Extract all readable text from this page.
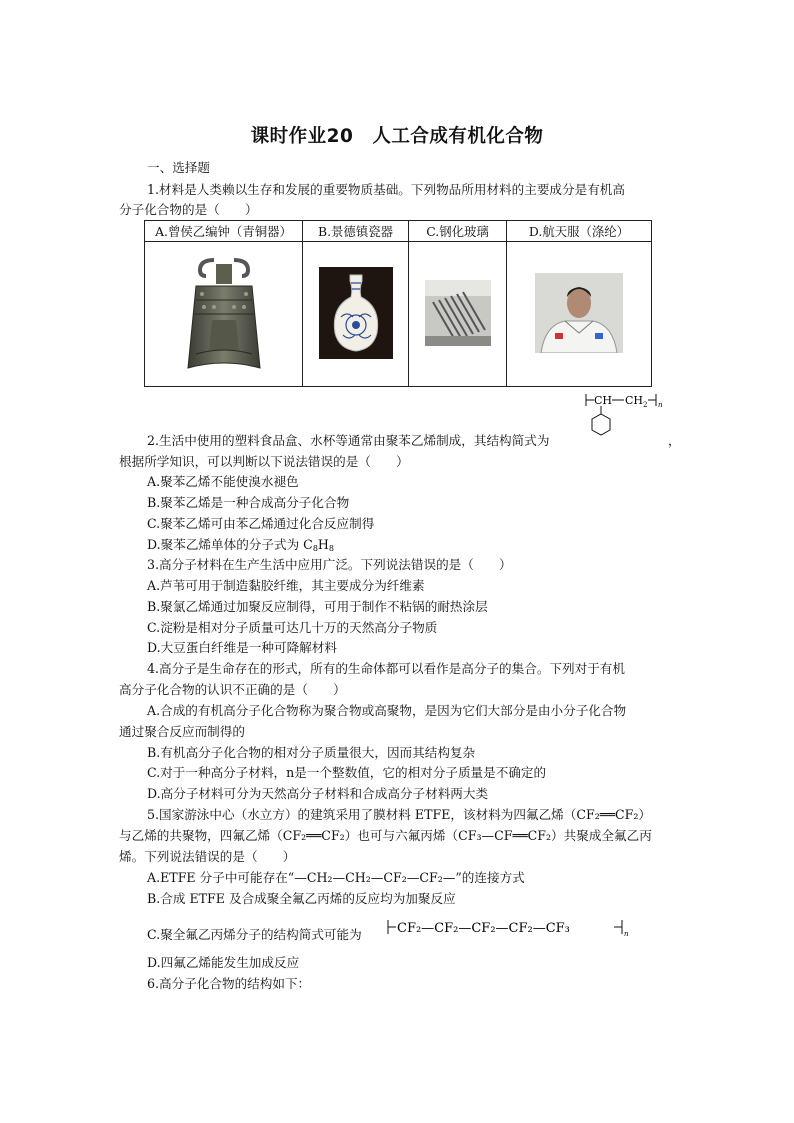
课时作业20　人工合成有机化合物
一、选择题
1.材料是人类赖以生存和发展的重要物质基础。下列物品所用材料的主要成分是有机高
分子化合物的是（　　）
A.曾侯乙编钟（青铜器）	B.景德镇瓷器	C.钢化玻璃	D.航天服（涤纶）

CH CH 2 n
2.生活中使用的塑料食品盒、水杯等通常由聚苯乙烯制成，其结构简式为	，
根据所学知识，可以判断以下说法错误的是（　　）
A.聚苯乙烯不能使溴水褪色
B.聚苯乙烯是一种合成高分子化合物
C.聚苯乙烯可由苯乙烯通过化合反应制得
D.聚苯乙烯单体的分子式为 $C_8H_8$
3.高分子材料在生产生活中应用广泛。下列说法错误的是（　　）
A.芦苇可用于制造黏胶纤维，其主要成分为纤维素
B.聚氯乙烯通过加聚反应制得，可用于制作不粘锅的耐热涂层
C.淀粉是相对分子质量可达几十万的天然高分子物质
D.大豆蛋白纤维是一种可降解材料
4.高分子是生命存在的形式，所有的生命体都可以看作是高分子的集合。下列对于有机
高分子化合物的认识不正确的是（　　）
A.合成的有机高分子化合物称为聚合物或高聚物，是因为它们大部分是由小分子化合物
通过聚合反应而制得的
B.有机高分子化合物的相对分子质量很大，因而其结构复杂
C.对于一种高分子材料，n是一个整数值，它的相对分子质量是不确定的
D.高分子材料可分为天然高分子材料和合成高分子材料两大类
5.国家游泳中心（水立方）的建筑采用了膜材料 ETFE，该材料为四氟乙烯（CF₂══CF₂）
与乙烯的共聚物，四氟乙烯（CF₂══CF₂）也可与六氟丙烯（CF₃—CF══CF₂）共聚成全氟乙丙
烯。下列说法错误的是（　　）
A.ETFE 分子中可能存在“—CH₂—CH₂—CF₂—CF₂—”的连接方式
B.合成 ETFE 及合成聚全氟乙丙烯的反应均为加聚反应
C.聚全氟乙丙烯分子的结构简式可能为	CF₂—CF₂—CF₂—CF₂—CF₃	n
D.四氟乙烯能发生加成反应
6.高分子化合物的结构如下：
